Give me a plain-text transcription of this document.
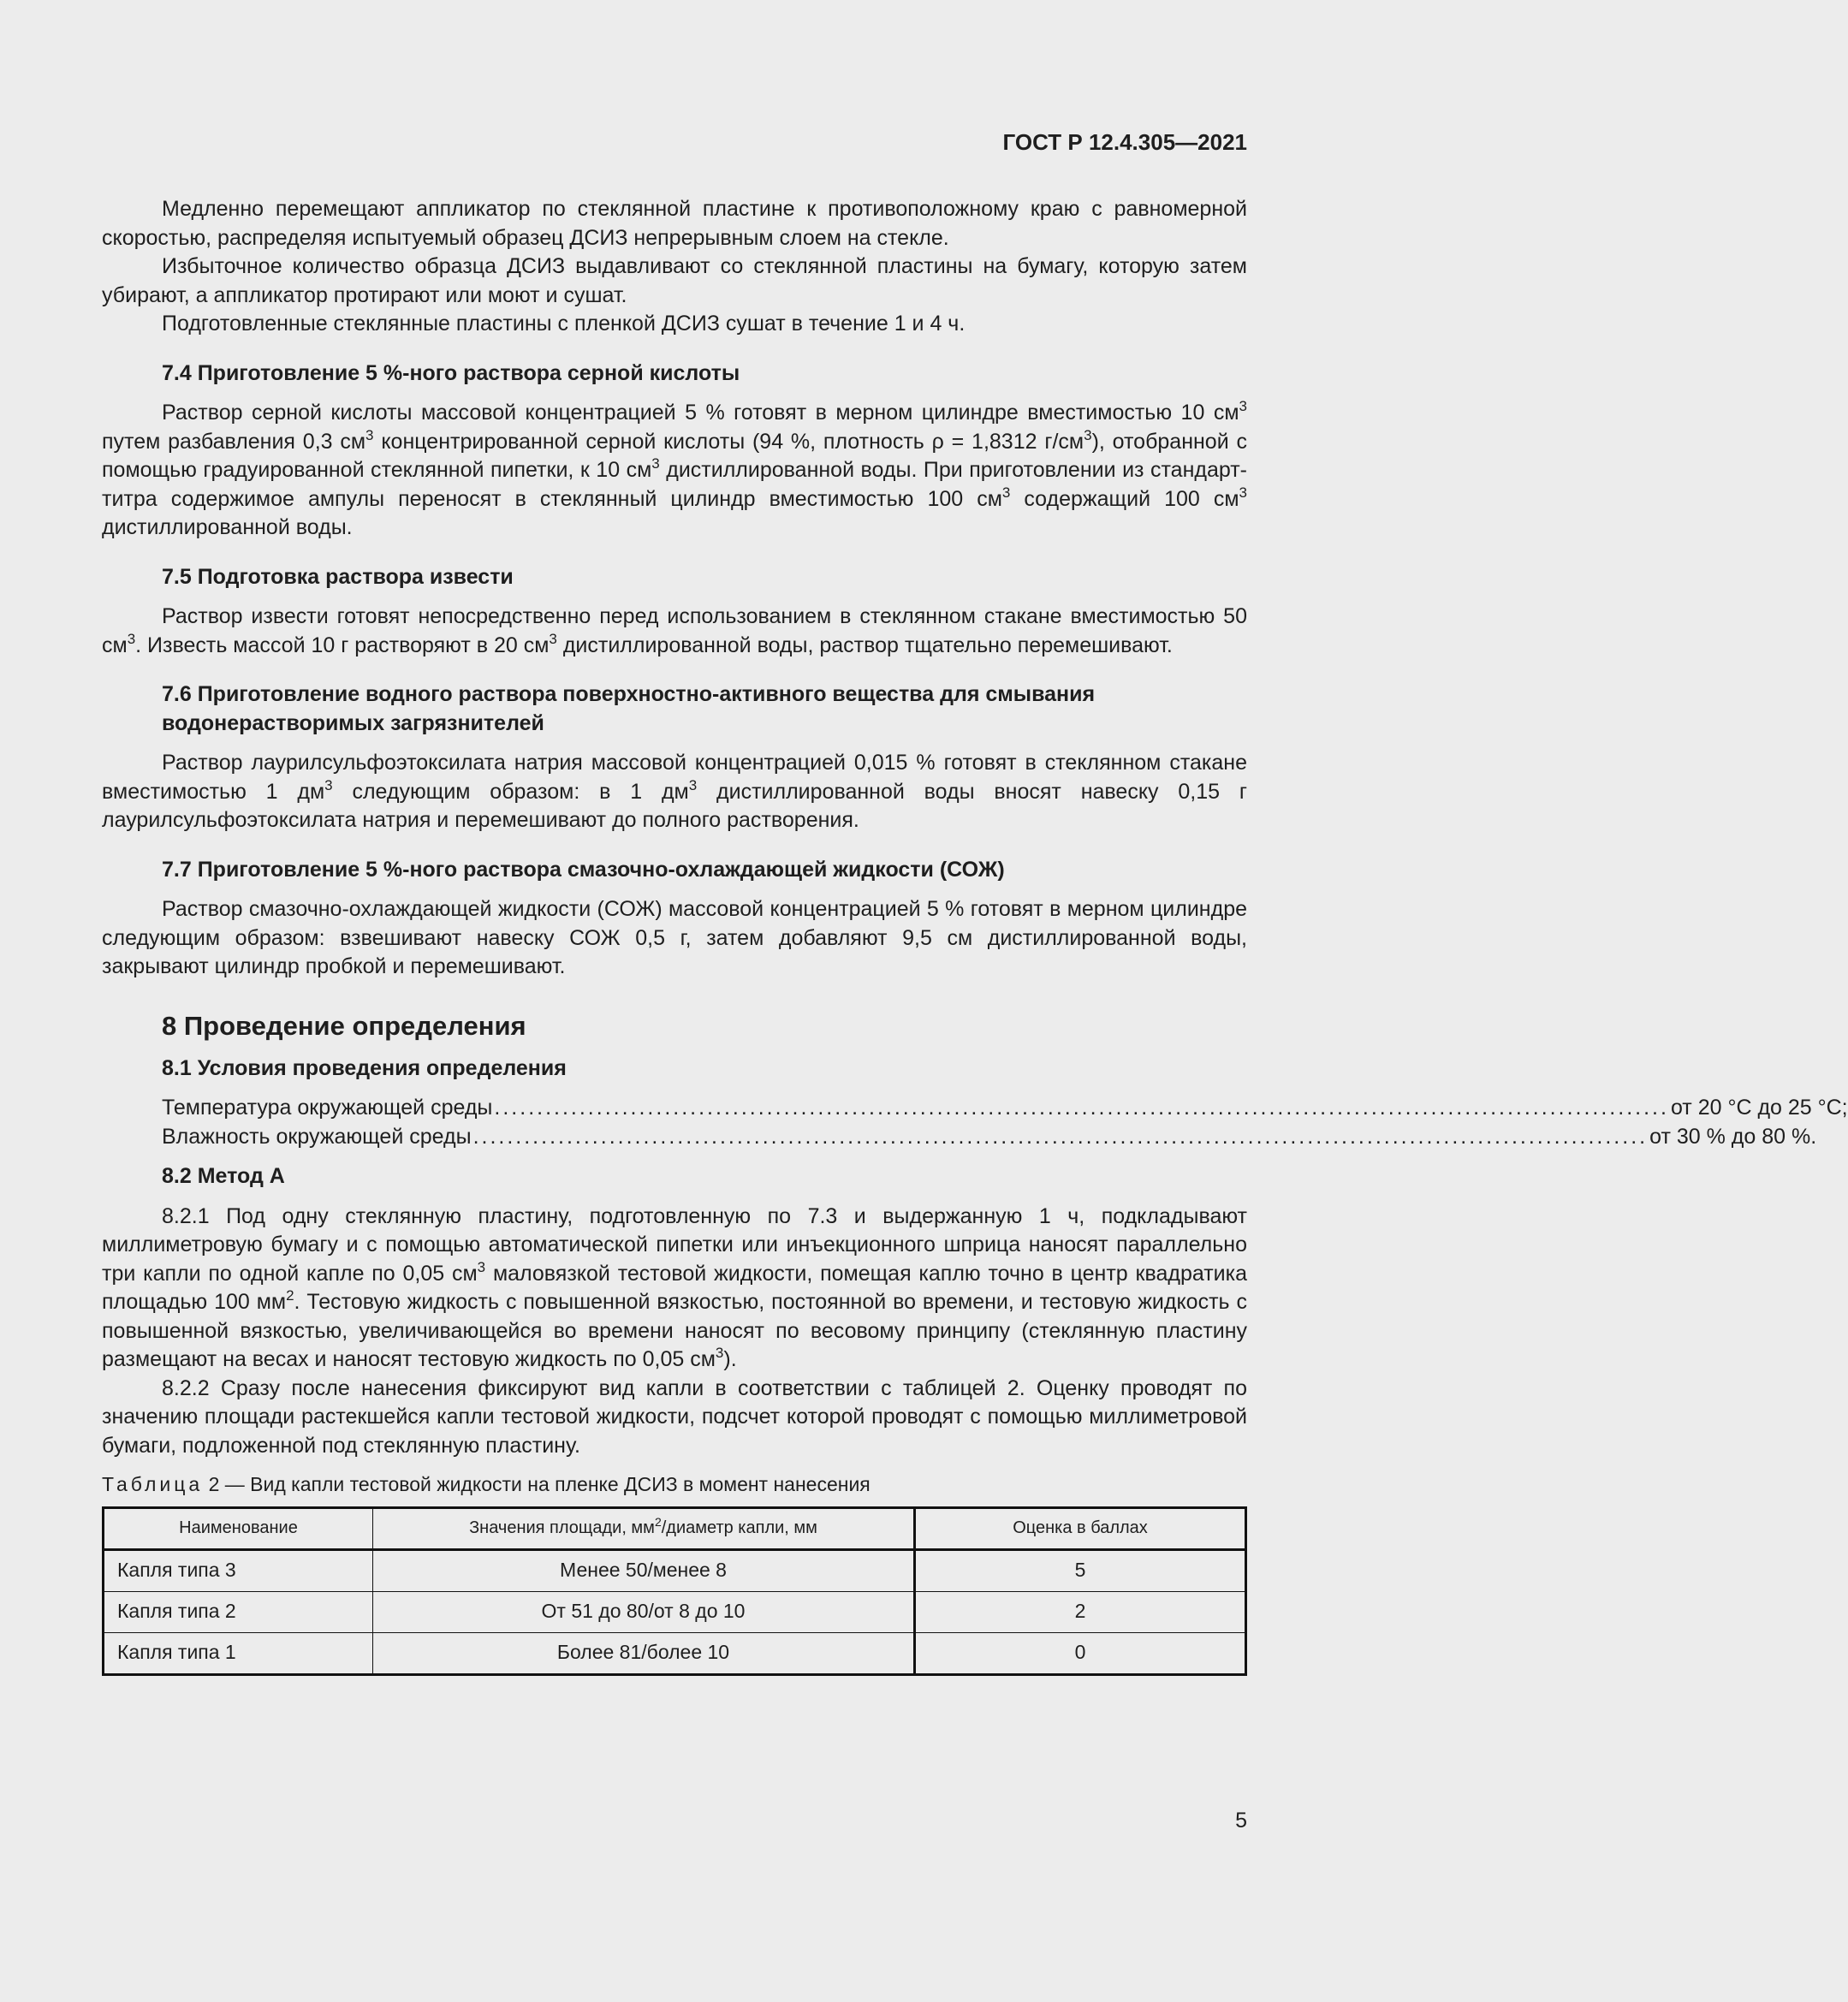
ГОСТ Р 12.4.305—2021

Медленно перемещают аппликатор по стеклянной пластине к противоположному краю с равномерной скоростью, распределяя испытуемый образец ДСИЗ непрерывным слоем на стекле.

Избыточное количество образца ДСИЗ выдавливают со стеклянной пластины на бумагу, которую затем убирают, а аппликатор протирают или моют и сушат.

Подготовленные стеклянные пластины с пленкой ДСИЗ сушат в течение 1 и 4 ч.

7.4 Приготовление 5 %-ного раствора серной кислоты

Раствор серной кислоты массовой концентрацией 5 % готовят в мерном цилиндре вместимостью 10 $см^3$ путем разбавления 0,3 $см^3$ концентрированной серной кислоты (94 %, плотность ρ = 1,8312 $г/см^3$), отобранной с помощью градуированной стеклянной пипетки, к 10 $см^3$ дистиллированной воды. При приготовлении из стандарт-титра содержимое ампулы переносят в стеклянный цилиндр вместимостью 100 $см^3$ содержащий 100 $см^3$ дистиллированной воды.

7.5 Подготовка раствора извести

Раствор извести готовят непосредственно перед использованием в стеклянном стакане вместимостью 50 $см^3$. Известь массой 10 г растворяют в 20 $см^3$ дистиллированной воды, раствор тщательно перемешивают.

7.6 Приготовление водного раствора поверхностно-активного вещества для смывания водонерастворимых загрязнителей

Раствор лаурилсульфоэтоксилата натрия массовой концентрацией 0,015 % готовят в стеклянном стакане вместимостью 1 $дм^3$ следующим образом: в 1 $дм^3$ дистиллированной воды вносят навеску 0,15 г лаурилсульфоэтоксилата натрия и перемешивают до полного растворения.

7.7 Приготовление 5 %-ного раствора смазочно-охлаждающей жидкости (СОЖ)

Раствор смазочно-охлаждающей жидкости (СОЖ) массовой концентрацией 5 % готовят в мерном цилиндре следующим образом: взвешивают навеску СОЖ 0,5 г, затем добавляют 9,5 см дистиллированной воды, закрывают цилиндр пробкой и перемешивают.

8 Проведение определения
8.1 Условия проведения определения
Температура окружающей среды .......................................................................................................................................... от 20 °С до 25 °С;
Влажность окружающей среды .......................................................................................................................................... от 30 % до 80 %.
8.2 Метод А

8.2.1 Под одну стеклянную пластину, подготовленную по 7.3 и выдержанную 1 ч, подкладывают миллиметровую бумагу и с помощью автоматической пипетки или инъекционного шприца наносят параллельно три капли по одной капле по 0,05 $см^3$ маловязкой тестовой жидкости, помещая каплю точно в центр квадратика площадью 100 $мм^2$. Тестовую жидкость с повышенной вязкостью, постоянной во времени, и тестовую жидкость с повышенной вязкостью, увеличивающейся во времени наносят по весовому принципу (стеклянную пластину размещают на весах и наносят тестовую жидкость по 0,05 $см^3$).

8.2.2 Сразу после нанесения фиксируют вид капли в соответствии с таблицей 2. Оценку проводят по значению площади растекшейся капли тестовой жидкости, подсчет которой проводят с помощью миллиметровой бумаги, подложенной под стеклянную пластину.

Таблица 2 — Вид капли тестовой жидкости на пленке ДСИЗ в момент нанесения
Наименование	Значения площади, $мм^2$/диаметр капли, мм	Оценка в баллах
Капля типа 3	Менее 50/менее 8	5
Капля типа 2	От 51 до 80/от 8 до 10	2
Капля типа 1	Более 81/более 10	0
5
